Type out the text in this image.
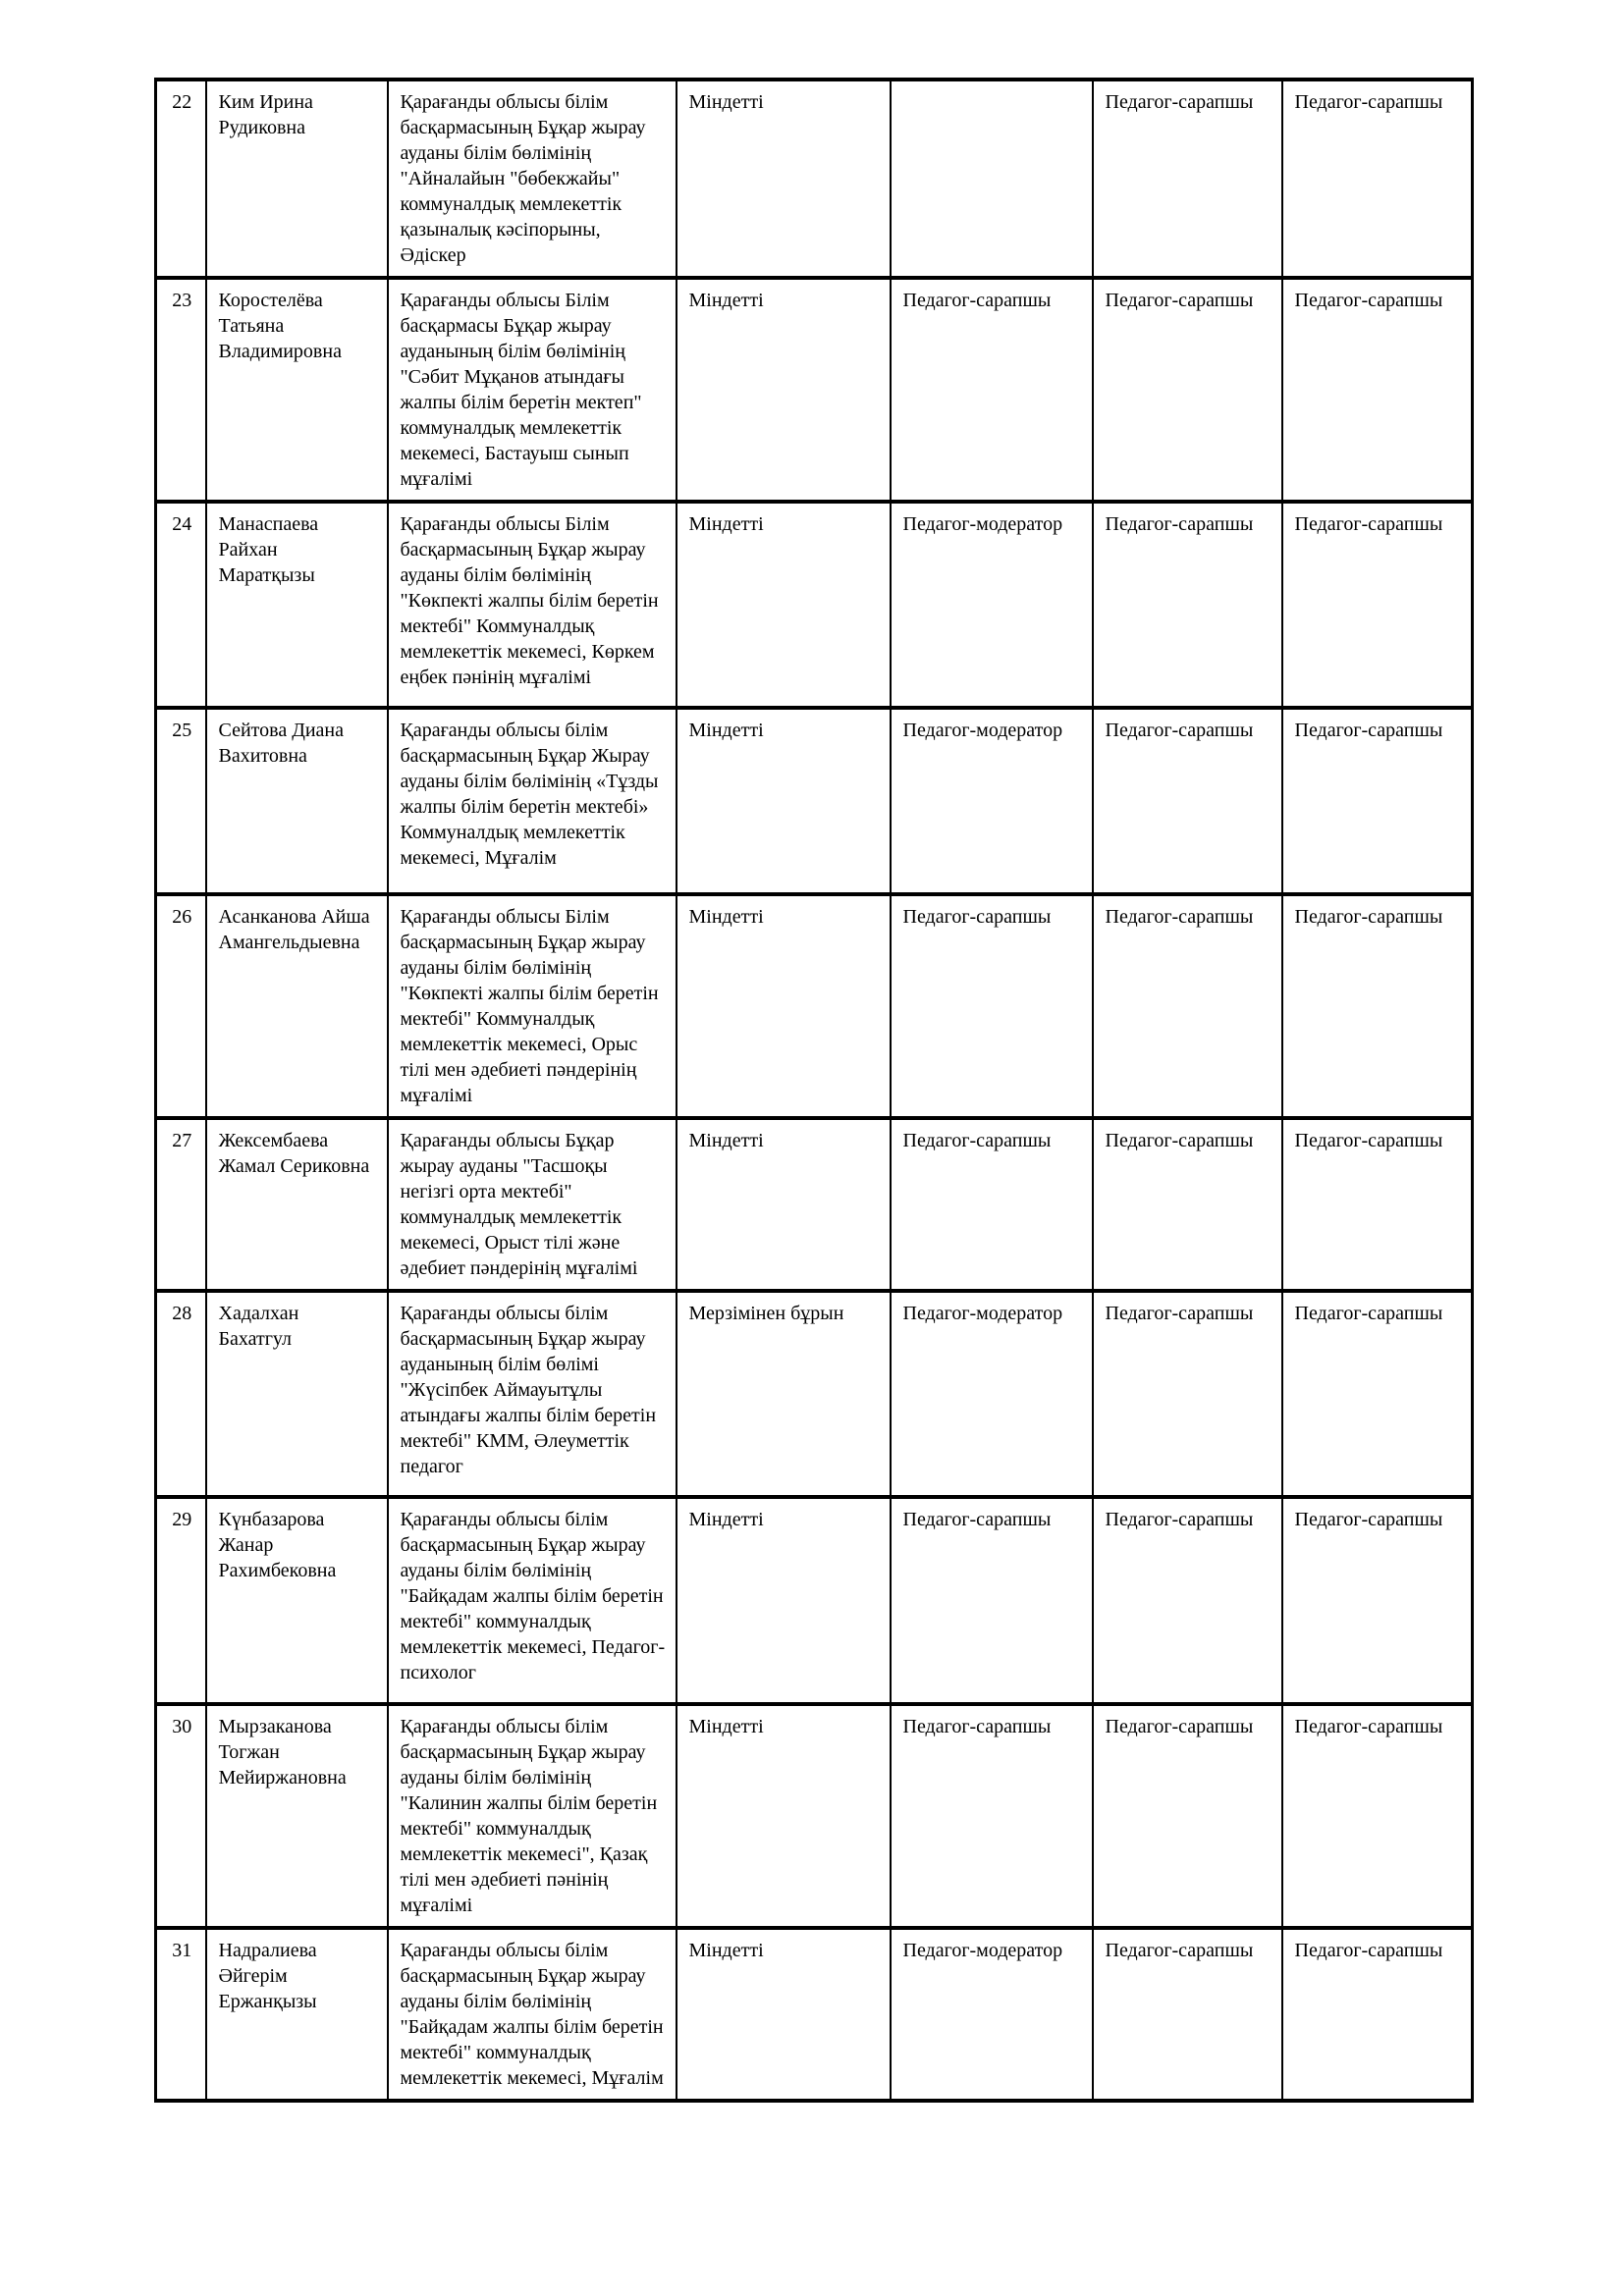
22	Ким Ирина Рудиковна	Қарағанды облысы білім басқармасының Бұқар жырау ауданы білім бөлімінің "Айналайын "бөбекжайы" коммуналдық мемлекеттік қазыналық кәсіпорыны, Әдіскер	Міндетті		Педагог-сарапшы	Педагог-сарапшы
23	Коростелёва Татьяна Владимировна	Қарағанды облысы Білім басқармасы Бұқар жырау ауданының білім бөлімінің "Сәбит Мұқанов атындағы жалпы білім беретін мектеп" коммуналдық мемлекеттік мекемесі, Бастауыш сынып мұғалімі	Міндетті	Педагог-сарапшы	Педагог-сарапшы	Педагог-сарапшы
24	Манаспаева Райхан Маратқызы	Қарағанды облысы Білім басқармасының Бұқар жырау ауданы білім бөлімінің "Көкпекті жалпы білім беретін мектебі" Коммуналдық мемлекеттік мекемесі, Көркем еңбек пәнінің мұғалімі	Міндетті	Педагог-модератор	Педагог-сарапшы	Педагог-сарапшы
25	Сейтова Диана Вахитовна	Қарағанды облысы білім басқармасының Бұқар Жырау ауданы білім бөлімінің «Тұзды жалпы білім беретін мектебі» Коммуналдық мемлекеттік мекемесі, Мұғалім	Міндетті	Педагог-модератор	Педагог-сарапшы	Педагог-сарапшы
26	Асанканова Айша Амангельдыевна	Қарағанды облысы Білім басқармасының Бұқар жырау ауданы білім бөлімінің "Көкпекті жалпы білім беретін мектебі" Коммуналдық мемлекеттік мекемесі, Орыс тілі мен әдебиеті пәндерінің мұғалімі	Міндетті	Педагог-сарапшы	Педагог-сарапшы	Педагог-сарапшы
27	Жексембаева Жамал Сериковна	Қарағанды облысы Бұқар жырау ауданы "Тасшоқы негізгі орта мектебі" коммуналдық мемлекеттік мекемесі, Орыст тілі және әдебиет пәндерінің мұғалімі	Міндетті	Педагог-сарапшы	Педагог-сарапшы	Педагог-сарапшы
28	Хадалхан Бахатгул	Қарағанды облысы білім басқармасының Бұқар жырау ауданының білім бөлімі "Жүсіпбек Аймауытұлы атындағы жалпы білім беретін мектебі" КММ, Әлеуметтік педагог	Мерзімінен бұрын	Педагог-модератор	Педагог-сарапшы	Педагог-сарапшы
29	Күнбазарова Жанар Рахимбековна	Қарағанды облысы білім басқармасының Бұқар жырау ауданы білім бөлімінің "Байқадам жалпы білім беретін мектебі" коммуналдық мемлекеттік мекемесі, Педагог-психолог	Міндетті	Педагог-сарапшы	Педагог-сарапшы	Педагог-сарапшы
30	Мырзаканова Тогжан Мейиржановна	Қарағанды облысы білім басқармасының Бұқар жырау ауданы білім бөлімінің "Калинин жалпы білім беретін мектебі" коммуналдық мемлекеттік мекемесі", Қазақ тілі мен әдебиеті пәнінің мұғалімі	Міндетті	Педагог-сарапшы	Педагог-сарапшы	Педагог-сарапшы
31	Надралиева Әйгерім Ержанқызы	Қарағанды облысы білім басқармасының Бұқар жырау ауданы білім бөлімінің "Байқадам жалпы білім беретін мектебі" коммуналдық мемлекеттік мекемесі, Мұғалім	Міндетті	Педагог-модератор	Педагог-сарапшы	Педагог-сарапшы
